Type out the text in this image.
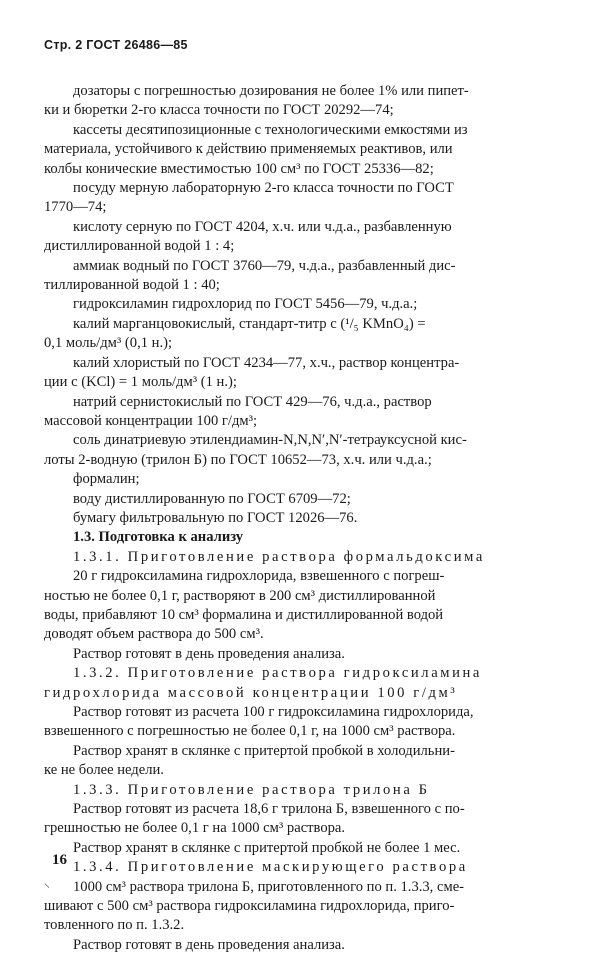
Стр. 2 ГОСТ 26486—85

дозаторы с погрешностью дозирования не более 1% или пипет-

ки и бюретки 2-го класса точности по ГОСТ 20292—74;

кассеты десятипозиционные с технологическими емкостями из

материала, устойчивого к действию применяемых реактивов, или

колбы конические вместимостью 100 см³ по ГОСТ 25336—82;

посуду мерную лабораторную 2-го класса точности по ГОСТ

1770—74;

кислоту серную по ГОСТ 4204, х.ч. или ч.д.а., разбавленную

дистиллированной водой 1 : 4;

аммиак водный по ГОСТ 3760—79, ч.д.а., разбавленный дис-

тиллированной водой 1 : 40;

гидроксиламин гидрохлорид по ГОСТ 5456—79, ч.д.а.;

калий марганцовокислый, стандарт-титр с (¹/₅ KMnO₄) =

0,1 моль/дм³ (0,1 н.);

калий хлористый по ГОСТ 4234—77, х.ч., раствор концентра-

ции с (KCl) = 1 моль/дм³ (1 н.);

натрий сернистокислый по ГОСТ 429—76, ч.д.а., раствор

массовой концентрации 100 г/дм³;

соль динатриевую этилендиамин-N,N,N′,N′-тетрауксусной кис-

лоты 2-водную (трилон Б) по ГОСТ 10652—73, х.ч. или ч.д.а.;

формалин;

воду дистиллированную по ГОСТ 6709—72;

бумагу фильтровальную по ГОСТ 12026—76.

1.3. Подготовка к анализу

1.3.1. Приготовление раствора формальдоксима

20 г гидроксиламина гидрохлорида, взвешенного с погреш-

ностью не более 0,1 г, растворяют в 200 см³ дистиллированной

воды, прибавляют 10 см³ формалина и дистиллированной водой

доводят объем раствора до 500 см³.

Раствор готовят в день проведения анализа.

1.3.2. Приготовление раствора гидроксиламина

гидрохлорида массовой концентрации 100 г/дм³

Раствор готовят из расчета 100 г гидроксиламина гидрохлорида,

взвешенного с погрешностью не более 0,1 г, на 1000 см³ раствора.

Раствор хранят в склянке с притертой пробкой в холодильни-

ке не более недели.

1.3.3. Приготовление раствора трилона Б

Раствор готовят из расчета 18,6 г трилона Б, взвешенного с по-

грешностью не более 0,1 г на 1000 см³ раствора.

Раствор хранят в склянке с притертой пробкой не более 1 мес.

1.3.4. Приготовление маскирующего раствора

1000 см³ раствора трилона Б, приготовленного по п. 1.3.3, сме-

шивают с 500 см³ раствора гидроксиламина гидрохлорида, приго-

товленного по п. 1.3.2.

Раствор готовят в день проведения анализа.

16
⸜
